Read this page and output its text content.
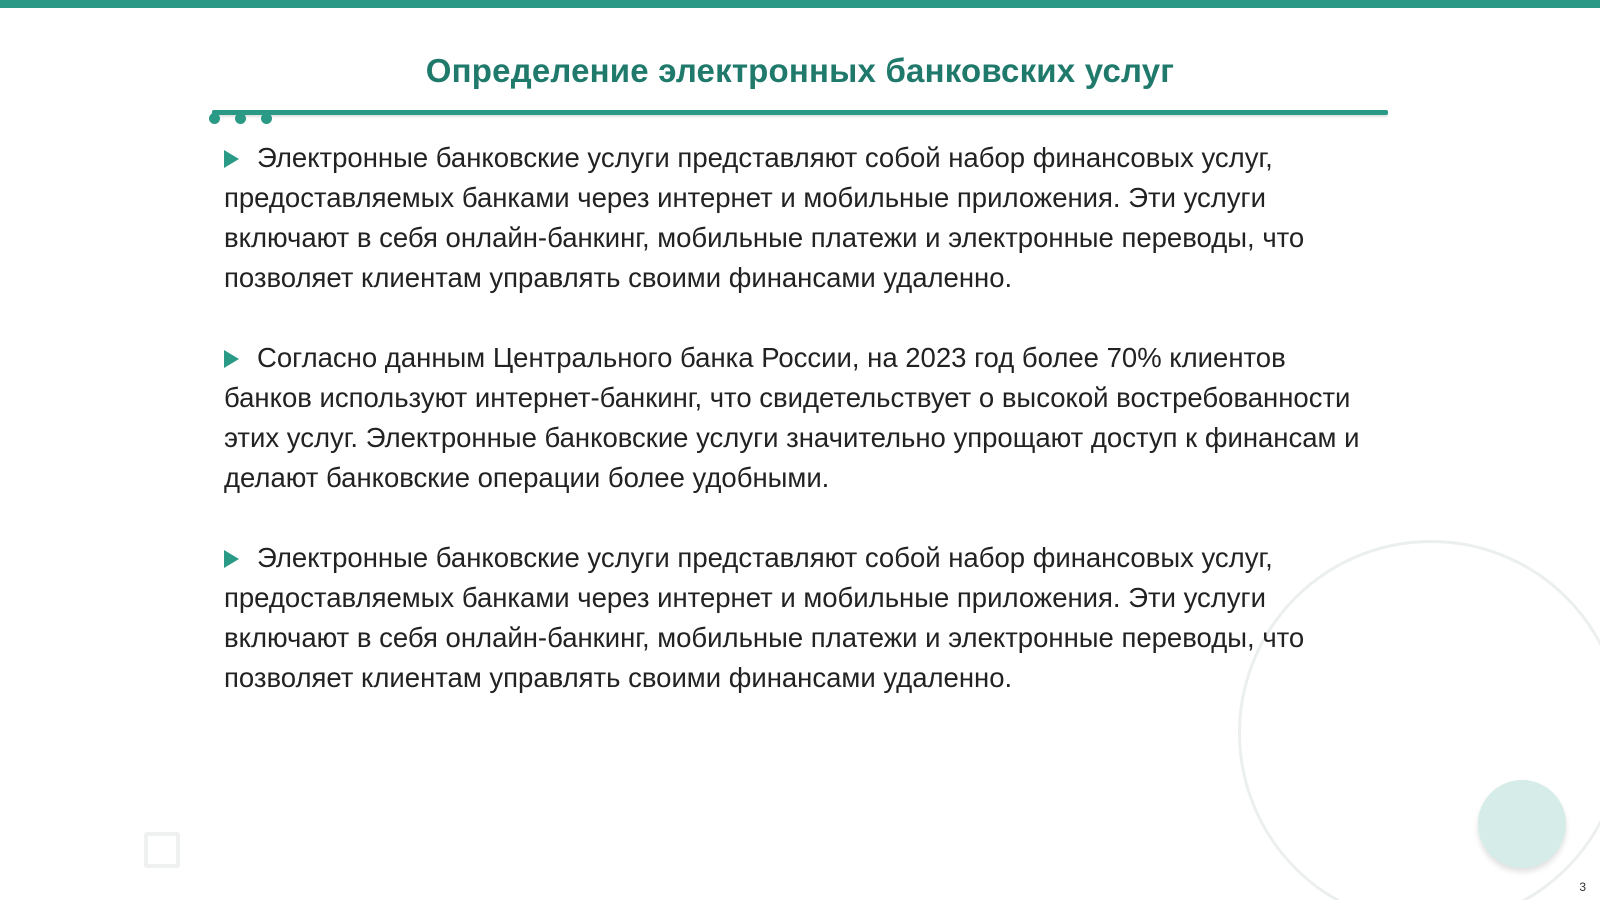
Определение электронных банковских услуг

Электронные банковские услуги представляют собой набор финансовых услуг, предоставляемых банками через интернет и мобильные приложения. Эти услуги включают в себя онлайн-банкинг, мобильные платежи и электронные переводы, что позволяет клиентам управлять своими финансами удаленно.

Согласно данным Центрального банка России, на 2023 год более 70% клиентов банков используют интернет-банкинг, что свидетельствует о высокой востребованности этих услуг. Электронные банковские услуги значительно упрощают доступ к финансам и делают банковские операции более удобными.

Электронные банковские услуги представляют собой набор финансовых услуг, предоставляемых банками через интернет и мобильные приложения. Эти услуги включают в себя онлайн-банкинг, мобильные платежи и электронные переводы, что позволяет клиентам управлять своими финансами удаленно.

3
